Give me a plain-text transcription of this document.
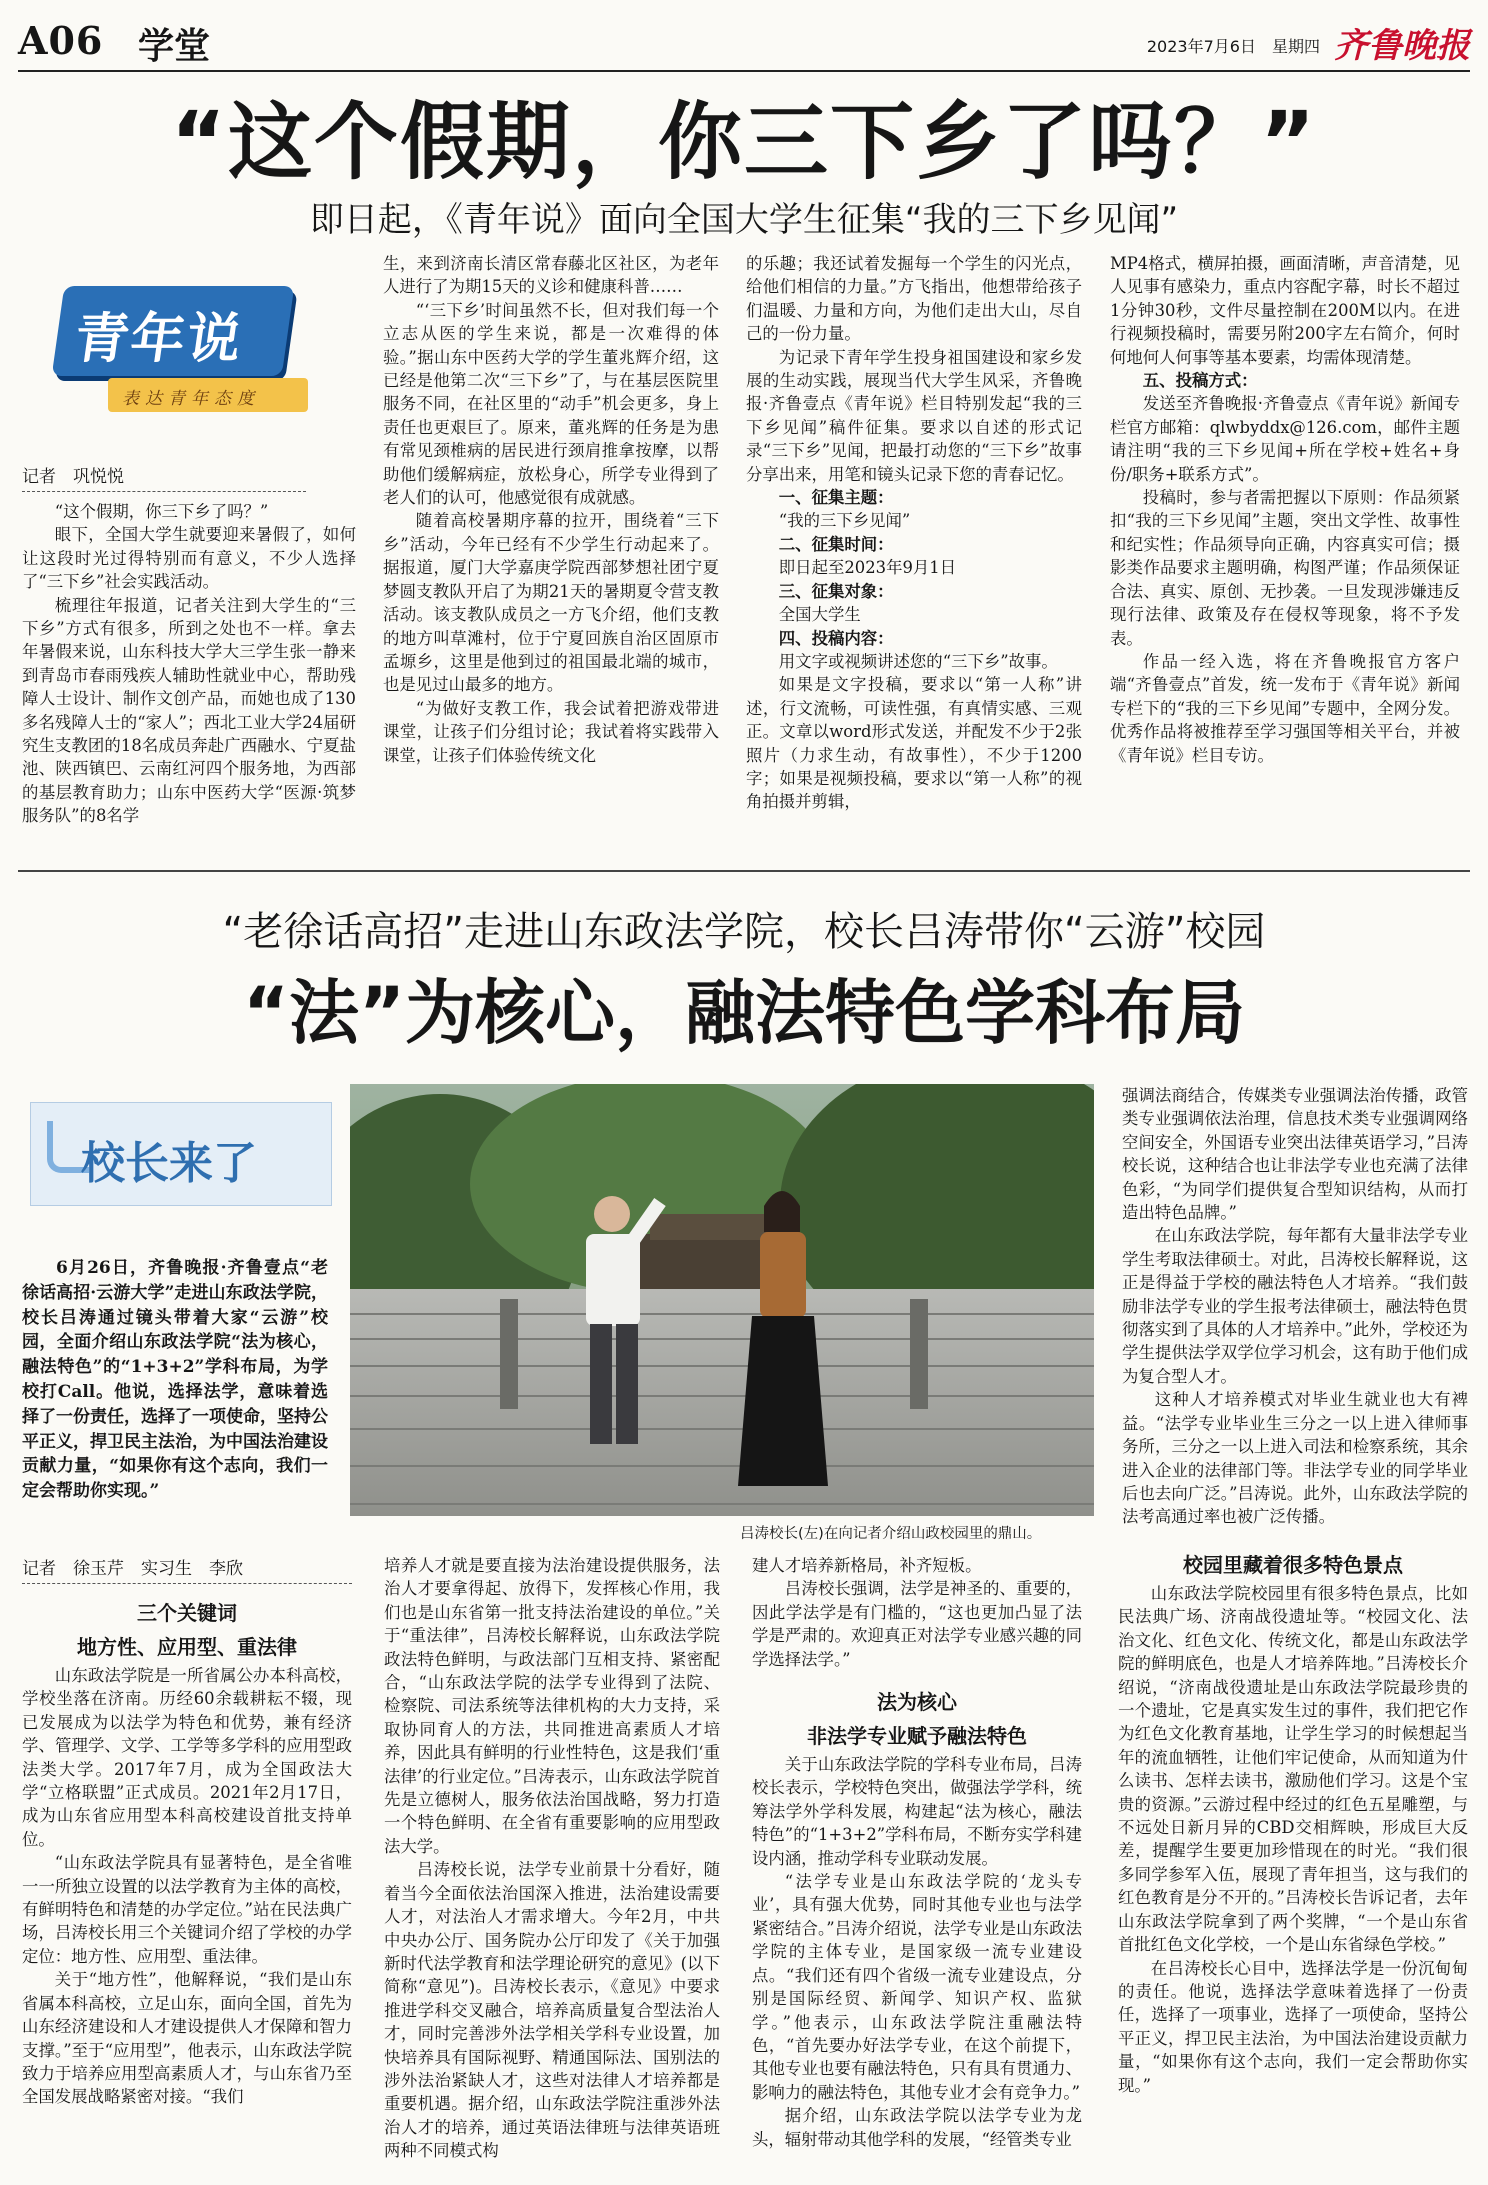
A06 学堂	2023年7月6日　 星期四 齐鲁晚报
“这个假期，你三下乡了吗？”
即日起，《青年说》面向全国大学生征集“我的三下乡见闻”
青年说
表达青年态度
记者　巩悦悦

“这个假期，你三下乡了吗？”

眼下，全国大学生就要迎来暑假了，如何让这段时光过得特别而有意义，不少人选择了“三下乡”社会实践活动。

梳理往年报道，记者关注到大学生的“三下乡”方式有很多，所到之处也不一样。拿去年暑假来说，山东科技大学大三学生张一静来到青岛市春雨残疾人辅助性就业中心，帮助残障人士设计、制作文创产品，而她也成了130多名残障人士的“家人”；西北工业大学24届研究生支教团的18名成员奔赴广西融水、宁夏盐池、陕西镇巴、云南红河四个服务地，为西部的基层教育助力；山东中医药大学“医源·筑梦服务队”的8名学

生，来到济南长清区常春藤北区社区，为老年人进行了为期15天的义诊和健康科普……

“‘三下乡’时间虽然不长，但对我们每一个立志从医的学生来说，都是一次难得的体验。”据山东中医药大学的学生董兆辉介绍，这已经是他第二次“三下乡”了，与在基层医院里服务不同，在社区里的“动手”机会更多，身上责任也更艰巨了。原来，董兆辉的任务是为患有常见颈椎病的居民进行颈肩推拿按摩，以帮助他们缓解病症，放松身心，所学专业得到了老人们的认可，他感觉很有成就感。

随着高校暑期序幕的拉开，围绕着“三下乡”活动，今年已经有不少学生行动起来了。据报道，厦门大学嘉庚学院西部梦想社团宁夏梦圆支教队开启了为期21天的暑期夏令营支教活动。该支教队成员之一方飞介绍，他们支教的地方叫草滩村，位于宁夏回族自治区固原市孟塬乡，这里是他到过的祖国最北端的城市，也是见过山最多的地方。

“为做好支教工作，我会试着把游戏带进课堂，让孩子们分组讨论；我试着将实践带入课堂，让孩子们体验传统文化

的乐趣；我还试着发掘每一个学生的闪光点，给他们相信的力量。”方飞指出，他想带给孩子们温暖、力量和方向，为他们走出大山，尽自己的一份力量。

为记录下青年学生投身祖国建设和家乡发展的生动实践，展现当代大学生风采，齐鲁晚报·齐鲁壹点《青年说》栏目特别发起“我的三下乡见闻”稿件征集。要求以自述的形式记录“三下乡”见闻，把最打动您的“三下乡”故事分享出来，用笔和镜头记录下您的青春记忆。

一、征集主题：

“我的三下乡见闻”

二、征集时间：

即日起至2023年9月1日

三、征集对象：

全国大学生

四、投稿内容：

用文字或视频讲述您的“三下乡”故事。

如果是文字投稿，要求以“第一人称”讲述，行文流畅，可读性强，有真情实感、三观正。文章以word形式发送，并配发不少于2张照片（力求生动，有故事性），不少于1200字；如果是视频投稿，要求以“第一人称”的视角拍摄并剪辑，

MP4格式，横屏拍摄，画面清晰，声音清楚，见人见事有感染力，重点内容配字幕，时长不超过1分钟30秒，文件尽量控制在200M以内。在进行视频投稿时，需要另附200字左右简介，何时何地何人何事等基本要素，均需体现清楚。

五、投稿方式：

发送至齐鲁晚报·齐鲁壹点《青年说》新闻专栏官方邮箱：qlwbyddx@126.com，邮件主题请注明“我的三下乡见闻+所在学校+姓名+身份/职务+联系方式”。

投稿时，参与者需把握以下原则：作品须紧扣“我的三下乡见闻”主题，突出文学性、故事性和纪实性；作品须导向正确，内容真实可信；摄影类作品要求主题明确，构图严谨；作品须保证合法、真实、原创、无抄袭。一旦发现涉嫌违反现行法律、政策及存在侵权等现象，将不予发表。

作品一经入选，将在齐鲁晚报官方客户端“齐鲁壹点”首发，统一发布于《青年说》新闻专栏下的“我的三下乡见闻”专题中，全网分发。优秀作品将被推荐至学习强国等相关平台，并被《青年说》栏目专访。

“老徐话高招”走进山东政法学院，校长吕涛带你“云游”校园
“法”为核心，融法特色学科布局
校长来了

6月26日，齐鲁晚报·齐鲁壹点“老徐话高招·云游大学”走进山东政法学院，校长吕涛通过镜头带着大家“云游”校园，全面介绍山东政法学院“法为核心，融法特色”的“1+3+2”学科布局，为学校打Call。他说，选择法学，意味着选择了一份责任，选择了一项使命，坚持公平正义，捍卫民主法治，为中国法治建设贡献力量，“如果你有这个志向，我们一定会帮助你实现。”

吕涛校长(左)在向记者介绍山政校园里的鼎山。

强调法商结合，传媒类专业强调法治传播，政管类专业强调依法治理，信息技术类专业强调网络空间安全，外国语专业突出法律英语学习，”吕涛校长说，这种结合也让非法学专业也充满了法律色彩，“为同学们提供复合型知识结构，从而打造出特色品牌。”

在山东政法学院，每年都有大量非法学专业学生考取法律硕士。对此，吕涛校长解释说，这正是得益于学校的融法特色人才培养。“我们鼓励非法学专业的学生报考法律硕士，融法特色贯彻落实到了具体的人才培养中。”此外，学校还为学生提供法学双学位学习机会，这有助于他们成为复合型人才。

这种人才培养模式对毕业生就业也大有裨益。“法学专业毕业生三分之一以上进入律师事务所，三分之一以上进入司法和检察系统，其余进入企业的法律部门等。非法学专业的同学毕业后也去向广泛。”吕涛说。此外，山东政法学院的法考高通过率也被广泛传播。

记者　徐玉芹　实习生　李欣

三个关键词

地方性、应用型、重法律

山东政法学院是一所省属公办本科高校，学校坐落在济南。历经60余载耕耘不辍，现已发展成为以法学为特色和优势，兼有经济学、管理学、文学、工学等多学科的应用型政法类大学。2017年7月，成为全国政法大学“立格联盟”正式成员。2021年2月17日，成为山东省应用型本科高校建设首批支持单位。

“山东政法学院具有显著特色，是全省唯一一所独立设置的以法学教育为主体的高校，有鲜明特色和清楚的办学定位。”站在民法典广场，吕涛校长用三个关键词介绍了学校的办学定位：地方性、应用型、重法律。

关于“地方性”，他解释说，“我们是山东省属本科高校，立足山东，面向全国，首先为山东经济建设和人才建设提供人才保障和智力支撑。”至于“应用型”，他表示，山东政法学院致力于培养应用型高素质人才，与山东省乃至全国发展战略紧密对接。“我们

培养人才就是要直接为法治建设提供服务，法治人才要拿得起、放得下，发挥核心作用，我们也是山东省第一批支持法治建设的单位。”关于“重法律”，吕涛校长解释说，山东政法学院政法特色鲜明，与政法部门互相支持、紧密配合，“山东政法学院的法学专业得到了法院、检察院、司法系统等法律机构的大力支持，采取协同育人的方法，共同推进高素质人才培养，因此具有鲜明的行业性特色，这是我们‘重法律’的行业定位。”吕涛表示，山东政法学院首先是立德树人，服务依法治国战略，努力打造一个特色鲜明、在全省有重要影响的应用型政法大学。

吕涛校长说，法学专业前景十分看好，随着当今全面依法治国深入推进，法治建设需要人才，对法治人才需求增大。今年2月，中共中央办公厅、国务院办公厅印发了《关于加强新时代法学教育和法学理论研究的意见》(以下简称“意见”)。吕涛校长表示，《意见》中要求推进学科交叉融合，培养高质量复合型法治人才，同时完善涉外法学相关学科专业设置，加快培养具有国际视野、精通国际法、国别法的涉外法治紧缺人才，这些对法律人才培养都是重要机遇。据介绍，山东政法学院注重涉外法治人才的培养，通过英语法律班与法律英语班两种不同模式构

建人才培养新格局，补齐短板。

吕涛校长强调，法学是神圣的、重要的，因此学法学是有门槛的，“这也更加凸显了法学是严肃的。欢迎真正对法学专业感兴趣的同学选择法学。”

法为核心

非法学专业赋予融法特色

关于山东政法学院的学科专业布局，吕涛校长表示，学校特色突出，做强法学学科，统筹法学外学科发展，构建起“法为核心，融法特色”的“1+3+2”学科布局，不断夯实学科建设内涵，推动学科专业联动发展。

“法学专业是山东政法学院的‘龙头专业’，具有强大优势，同时其他专业也与法学紧密结合。”吕涛介绍说，法学专业是山东政法学院的主体专业，是国家级一流专业建设点。“我们还有四个省级一流专业建设点，分别是国际经贸、新闻学、知识产权、监狱学。”他表示，山东政法学院注重融法特色，“首先要办好法学专业，在这个前提下，其他专业也要有融法特色，只有具有贯通力、影响力的融法特色，其他专业才会有竞争力。”

据介绍，山东政法学院以法学专业为龙头，辐射带动其他学科的发展，“经管类专业

校园里藏着很多特色景点

山东政法学院校园里有很多特色景点，比如民法典广场、济南战役遗址等。“校园文化、法治文化、红色文化、传统文化，都是山东政法学院的鲜明底色，也是人才培养阵地。”吕涛校长介绍说，“济南战役遗址是山东政法学院最珍贵的一个遗址，它是真实发生过的事件，我们把它作为红色文化教育基地，让学生学习的时候想起当年的流血牺牲，让他们牢记使命，从而知道为什么读书、怎样去读书，激励他们学习。这是个宝贵的资源。”云游过程中经过的红色五星雕塑，与不远处日新月异的CBD交相辉映，形成巨大反差，提醒学生要更加珍惜现在的时光。“我们很多同学参军入伍，展现了青年担当，这与我们的红色教育是分不开的。”吕涛校长告诉记者，去年山东政法学院拿到了两个奖牌，“一个是山东省首批红色文化学校，一个是山东省绿色学校。”

在吕涛校长心目中，选择法学是一份沉甸甸的责任。他说，选择法学意味着选择了一份责任，选择了一项事业，选择了一项使命，坚持公平正义，捍卫民主法治，为中国法治建设贡献力量，“如果你有这个志向，我们一定会帮助你实现。”
